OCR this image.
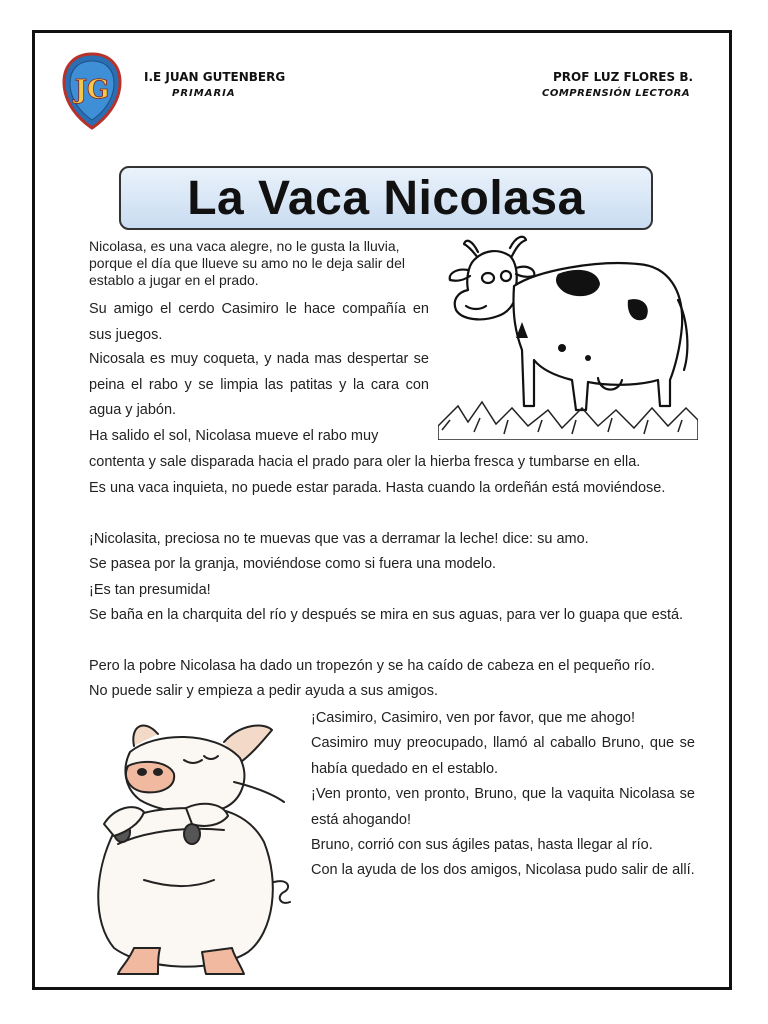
JG	I.E JUAN GUTENBERG
PRIMARIA
PROF LUZ FLORES B.
COMPRENSIÓN LECTORA
La Vaca Nicolasa

Nicolasa, es una vaca alegre, no le gusta la lluvia, porque el día que llueve su amo no le deja salir del establo a jugar en el prado.

Su amigo el cerdo Casimiro le hace compañía en sus juegos.

Nicosala es muy coqueta, y nada mas despertar se peina el rabo y se limpia las patitas y la cara con agua y jabón.

Ha salido el sol, Nicolasa mueve el rabo muy

contenta y sale disparada hacia el prado para oler la hierba fresca y tumbarse en ella.

Es una vaca inquieta, no puede estar parada. Hasta cuando la ordeñán está moviéndose.

¡Nicolasita, preciosa no te muevas que vas a derramar la leche! dice: su amo.

Se pasea por la granja, moviéndose como si fuera una modelo.

¡Es tan presumida!

Se baña en la charquita del río y después se mira en sus aguas, para ver lo guapa que está.

Pero la pobre Nicolasa ha dado un tropezón y se ha caído de cabeza en el pequeño río.

No puede salir y empieza a pedir ayuda a sus amigos.

¡Casimiro, Casimiro, ven por favor, que me ahogo!

Casimiro muy preocupado, llamó al caballo Bruno, que se había quedado en el establo.

¡Ven pronto, ven pronto, Bruno, que la vaquita Nicolasa se está ahogando!

Bruno, corrió con sus ágiles patas, hasta llegar al río.

Con la ayuda de los dos amigos, Nicolasa pudo salir de allí.
